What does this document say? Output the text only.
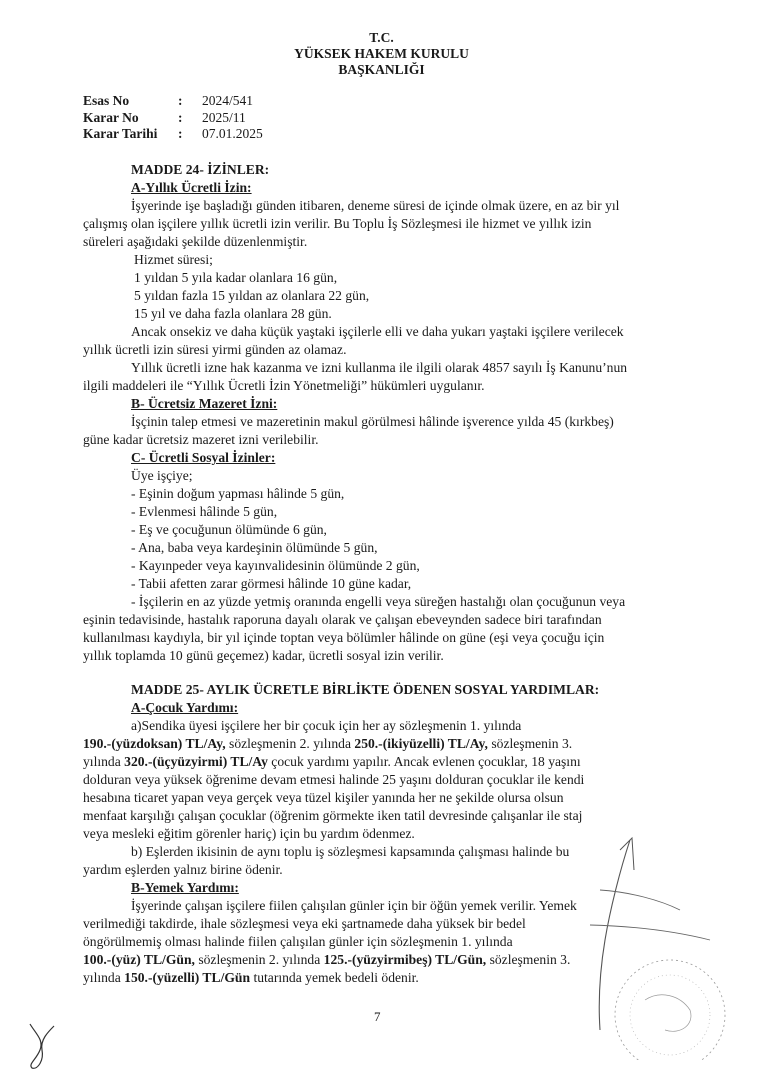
T.C.
YÜKSEK HAKEM KURULU
BAŞKANLIĞI
Esas No	:	2024/541
Karar No	:	2025/11
Karar Tarihi	:	07.01.2025
MADDE 24- İZİNLER:
A-Yıllık Ücretli İzin:
İşyerinde işe başladığı günden itibaren, deneme süresi de içinde olmak üzere, en az bir yıl
çalışmış olan işçilere yıllık ücretli izin verilir. Bu Toplu İş Sözleşmesi ile hizmet ve yıllık izin
süreleri aşağıdaki şekilde düzenlenmiştir.
Hizmet süresi;
1 yıldan 5 yıla kadar olanlara 16 gün,
5 yıldan fazla 15 yıldan az olanlara 22 gün,
15 yıl ve daha fazla olanlara 28 gün.
Ancak onsekiz ve daha küçük yaştaki işçilerle elli ve daha yukarı yaştaki işçilere verilecek
yıllık ücretli izin süresi yirmi günden az olamaz.
Yıllık ücretli izne hak kazanma ve izni kullanma ile ilgili olarak 4857 sayılı İş Kanunu’nun
ilgili maddeleri ile “Yıllık Ücretli İzin Yönetmeliği” hükümleri uygulanır.
B- Ücretsiz Mazeret İzni:
İşçinin talep etmesi ve mazeretinin makul görülmesi hâlinde işverence yılda 45 (kırkbeş)
güne kadar ücretsiz mazeret izni verilebilir.
C- Ücretli Sosyal İzinler:
Üye işçiye;
- Eşinin doğum yapması hâlinde 5 gün,
- Evlenmesi hâlinde 5 gün,
- Eş ve çocuğunun ölümünde 6 gün,
- Ana, baba veya kardeşinin ölümünde 5 gün,
- Kayınpeder veya kayınvalidesinin ölümünde 2 gün,
- Tabii afetten zarar görmesi hâlinde 10 güne kadar,
- İşçilerin en az yüzde yetmiş oranında engelli veya süreğen hastalığı olan çocuğunun veya
eşinin tedavisinde, hastalık raporuna dayalı olarak ve çalışan ebeveynden sadece biri tarafından
kullanılması kaydıyla, bir yıl içinde toptan veya bölümler hâlinde on güne (eşi veya çocuğu için
yıllık toplamda 10 günü geçemez) kadar, ücretli sosyal izin verilir.
MADDE 25- AYLIK ÜCRETLE BİRLİKTE ÖDENEN SOSYAL YARDIMLAR:
A-Çocuk Yardımı:
a)Sendika üyesi işçilere her bir çocuk için her ay sözleşmenin 1. yılında
190.-(yüzdoksan) TL/Ay, sözleşmenin 2. yılında 250.-(ikiyüzelli) TL/Ay, sözleşmenin 3.
yılında 320.-(üçyüzyirmi) TL/Ay çocuk yardımı yapılır. Ancak evlenen çocuklar, 18 yaşını
dolduran veya yüksek öğrenime devam etmesi halinde 25 yaşını dolduran çocuklar ile kendi
hesabına ticaret yapan veya gerçek veya tüzel kişiler yanında her ne şekilde olursa olsun
menfaat karşılığı çalışan çocuklar (öğrenim görmekte iken tatil devresinde çalışanlar ile staj
veya mesleki eğitim görenler hariç) için bu yardım ödenmez.
b) Eşlerden ikisinin de aynı toplu iş sözleşmesi kapsamında çalışması halinde bu
yardım eşlerden yalnız birine ödenir.
B-Yemek Yardımı:
İşyerinde çalışan işçilere fiilen çalışılan günler için bir öğün yemek verilir. Yemek
verilmediği takdirde, ihale sözleşmesi veya eki şartnamede daha yüksek bir bedel
öngörülmemiş olması halinde fiilen çalışılan günler için sözleşmenin 1. yılında
100.-(yüz) TL/Gün, sözleşmenin 2. yılında 125.-(yüzyirmibeş) TL/Gün, sözleşmenin 3.
yılında 150.-(yüzelli) TL/Gün tutarında yemek bedeli ödenir.
7
